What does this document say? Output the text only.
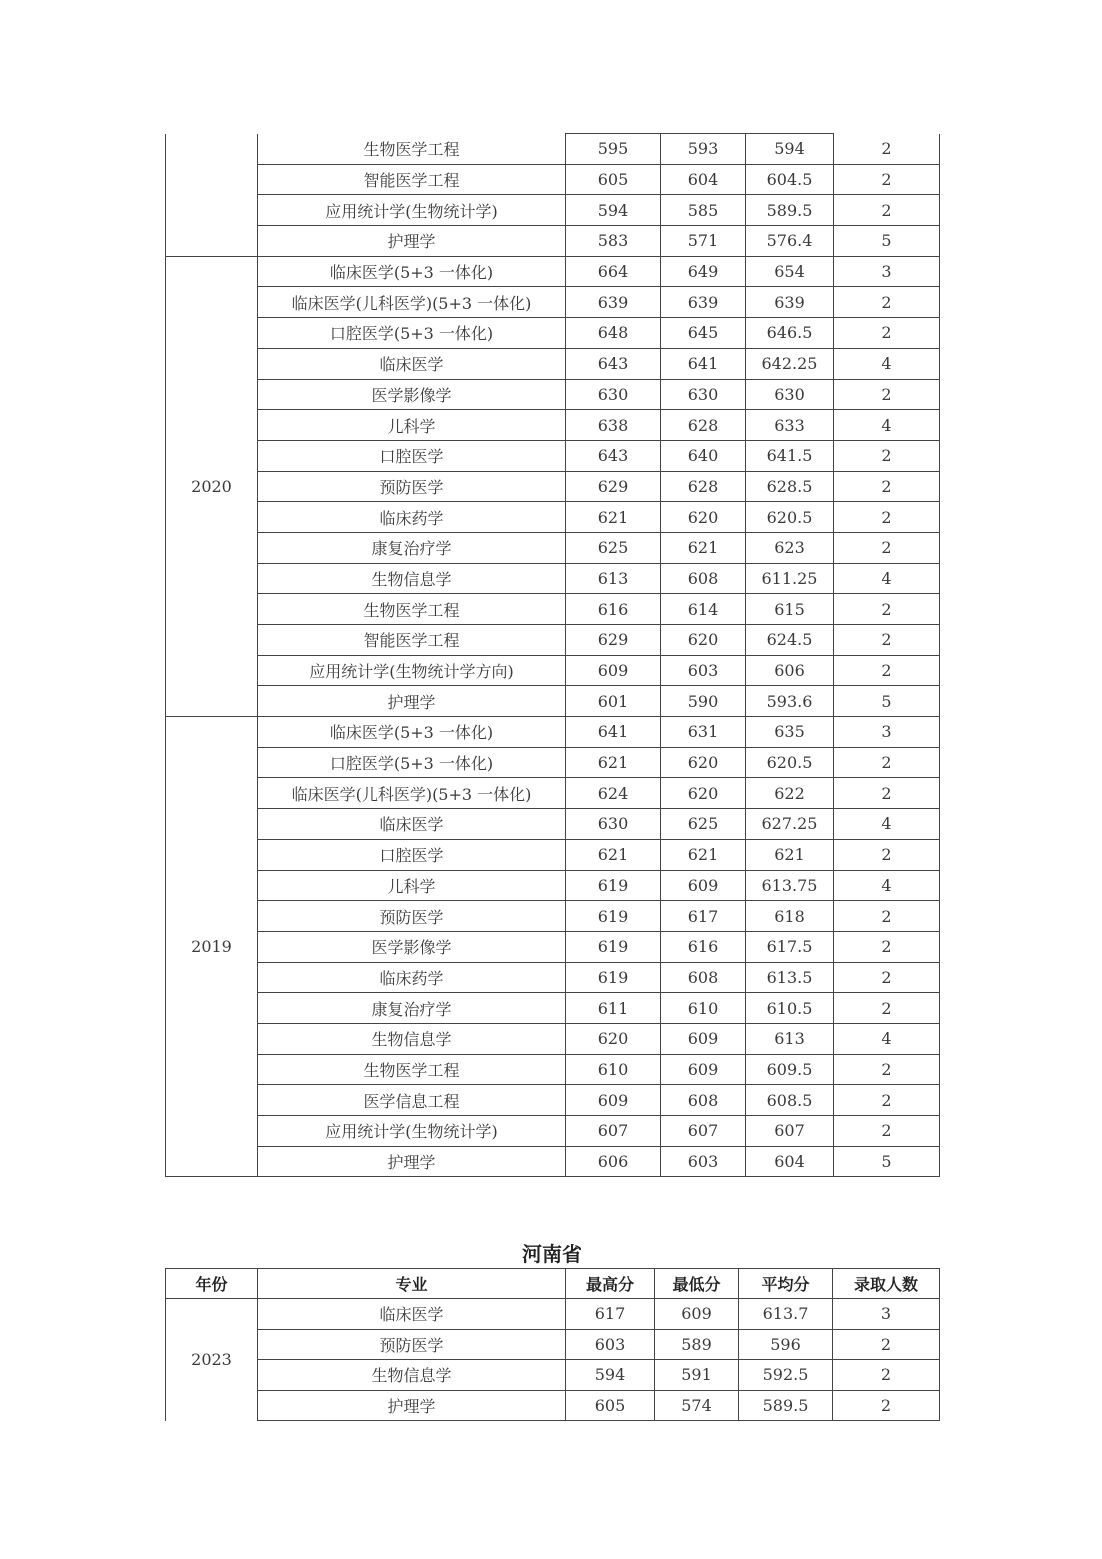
	生物医学工程	595	593	594	2
	智能医学工程	605	604	604.5	2
	应用统计学(生物统计学)	594	585	589.5	2
	护理学	583	571	576.4	5
2020	临床医学(5+3 一体化)	664	649	654	3
	临床医学(儿科医学)(5+3 一体化)	639	639	639	2
	口腔医学(5+3 一体化)	648	645	646.5	2
	临床医学	643	641	642.25	4
	医学影像学	630	630	630	2
	儿科学	638	628	633	4
	口腔医学	643	640	641.5	2
	预防医学	629	628	628.5	2
	临床药学	621	620	620.5	2
	康复治疗学	625	621	623	2
	生物信息学	613	608	611.25	4
	生物医学工程	616	614	615	2
	智能医学工程	629	620	624.5	2
	应用统计学(生物统计学方向)	609	603	606	2
	护理学	601	590	593.6	5
2019	临床医学(5+3 一体化)	641	631	635	3
	口腔医学(5+3 一体化)	621	620	620.5	2
	临床医学(儿科医学)(5+3 一体化)	624	620	622	2
	临床医学	630	625	627.25	4
	口腔医学	621	621	621	2
	儿科学	619	609	613.75	4
	预防医学	619	617	618	2
	医学影像学	619	616	617.5	2
	临床药学	619	608	613.5	2
	康复治疗学	611	610	610.5	2
	生物信息学	620	609	613	4
	生物医学工程	610	609	609.5	2
	医学信息工程	609	608	608.5	2
	应用统计学(生物统计学)	607	607	607	2
	护理学	606	603	604	5
河南省
年份	专业	最高分	最低分	平均分	录取人数
2023	临床医学	617	609	613.7	3
	预防医学	603	589	596	2
	生物信息学	594	591	592.5	2
	护理学	605	574	589.5	2
